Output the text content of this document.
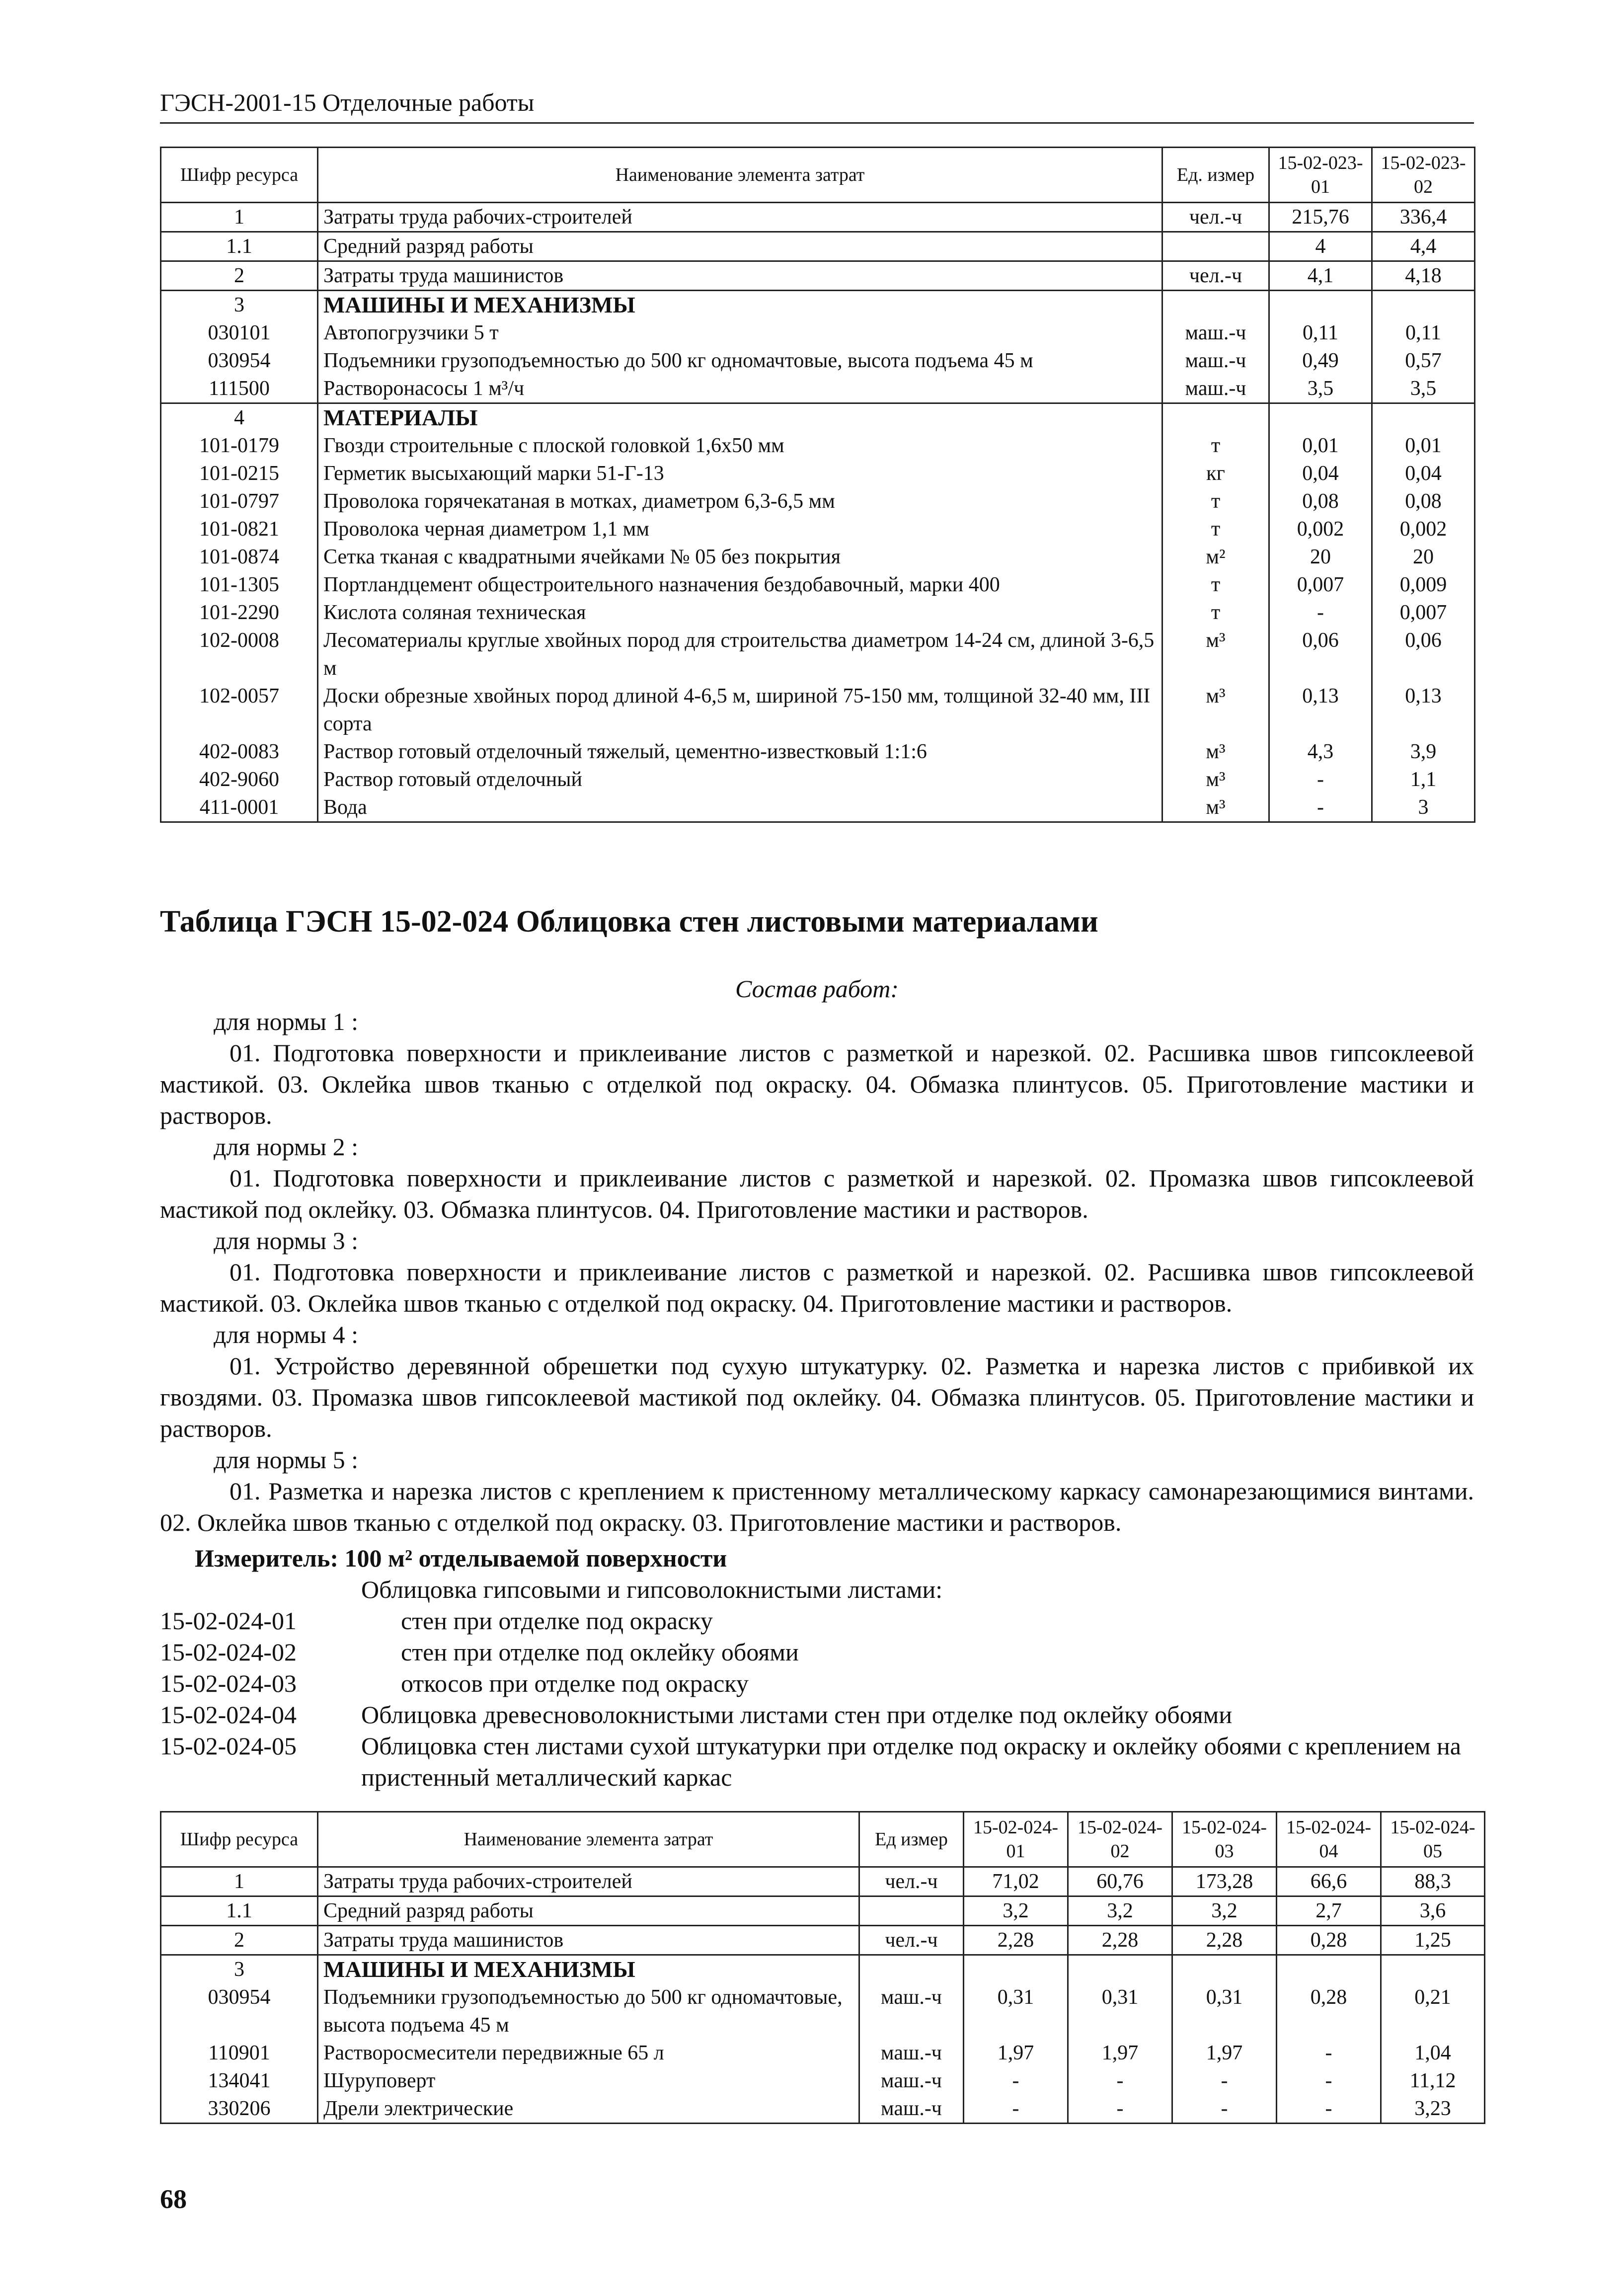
ГЭСН-2001-15 Отделочные работы
Шифр ресурса	Наименование элемента затрат	Ед. измер	15-02-023-01	15-02-023-02
1	Затраты труда рабочих-строителей	чел.-ч	215,76	336,4
1.1	Средний разряд работы		4	4,4
2	Затраты труда машинистов	чел.-ч	4,1	4,18
3	МАШИНЫ И МЕХАНИЗМЫ			
030101	Автопогрузчики 5 т	маш.-ч	0,11	0,11
030954	Подъемники грузоподъемностью до 500 кг одномачтовые, высота подъема 45 м	маш.-ч	0,49	0,57
111500	Растворонасосы 1 м³/ч	маш.-ч	3,5	3,5
4	МАТЕРИАЛЫ			
101-0179	Гвозди строительные с плоской головкой 1,6x50 мм	т	0,01	0,01
101-0215	Герметик высыхающий марки 51-Г-13	кг	0,04	0,04
101-0797	Проволока горячекатаная в мотках, диаметром 6,3-6,5 мм	т	0,08	0,08
101-0821	Проволока черная диаметром 1,1 мм	т	0,002	0,002
101-0874	Сетка тканая с квадратными ячейками № 05 без покрытия	м²	20	20
101-1305	Портландцемент общестроительного назначения бездобавочный, марки 400	т	0,007	0,009
101-2290	Кислота соляная техническая	т	-	0,007
102-0008	Лесоматериалы круглые хвойных пород для строительства диаметром 14-24 см, длиной 3-6,5 м	м³	0,06	0,06
102-0057	Доски обрезные хвойных пород длиной 4-6,5 м, шириной 75-150 мм, толщиной 32-40 мм, III сорта	м³	0,13	0,13
402-0083	Раствор готовый отделочный тяжелый, цементно-известковый 1:1:6	м³	4,3	3,9
402-9060	Раствор готовый отделочный	м³	-	1,1
411-0001	Вода	м³	-	3
Таблица ГЭСН 15-02-024 Облицовка стен листовыми материалами
Состав работ:

для нормы 1 :

01. Подготовка поверхности и приклеивание листов с разметкой и нарезкой. 02. Расшивка швов гипсоклеевой мастикой. 03. Оклейка швов тканью с отделкой под окраску. 04. Обмазка плинтусов. 05. Приготовление мастики и растворов.

для нормы 2 :

01. Подготовка поверхности и приклеивание листов с разметкой и нарезкой. 02. Промазка швов гипсоклеевой мастикой под оклейку. 03. Обмазка плинтусов. 04. Приготовление мастики и растворов.

для нормы 3 :

01. Подготовка поверхности и приклеивание листов с разметкой и нарезкой. 02. Расшивка швов гипсоклеевой мастикой. 03. Оклейка швов тканью с отделкой под окраску. 04. Приготовление мастики и растворов.

для нормы 4 :

01. Устройство деревянной обрешетки под сухую штукатурку. 02. Разметка и нарезка листов с прибивкой их гвоздями. 03. Промазка швов гипсоклеевой мастикой под оклейку. 04. Обмазка плинтусов. 05. Приготовление мастики и растворов.

для нормы 5 :

01. Разметка и нарезка листов с креплением к пристенному металлическому каркасу самонарезающимися винтами. 02. Оклейка швов тканью с отделкой под окраску. 03. Приготовление мастики и растворов.

Измеритель: 100 м² отделываемой поверхности
Облицовка гипсовыми и гипсоволокнистыми листами:
15-02-024-01	стен при отделке под окраску
15-02-024-02	стен при отделке под оклейку обоями
15-02-024-03	откосов при отделке под окраску
15-02-024-04	Облицовка древесноволокнистыми листами стен при отделке под оклейку обоями
15-02-024-05	Облицовка стен листами сухой штукатурки при отделке под окраску и оклейку обоями с креплением на пристенный металлический каркас
Шифр ресурса	Наименование элемента затрат	Ед измер	15-02-024-01	15-02-024-02	15-02-024-03	15-02-024-04	15-02-024-05
1	Затраты труда рабочих-строителей	чел.-ч	71,02	60,76	173,28	66,6	88,3
1.1	Средний разряд работы		3,2	3,2	3,2	2,7	3,6
2	Затраты труда машинистов	чел.-ч	2,28	2,28	2,28	0,28	1,25
3	МАШИНЫ И МЕХАНИЗМЫ						
030954	Подъемники грузоподъемностью до 500 кг одномачтовые, высота подъема 45 м	маш.-ч	0,31	0,31	0,31	0,28	0,21
110901	Растворосмесители передвижные 65 л	маш.-ч	1,97	1,97	1,97	-	1,04
134041	Шуруповерт	маш.-ч	-	-	-	-	11,12
330206	Дрели электрические	маш.-ч	-	-	-	-	3,23
68
